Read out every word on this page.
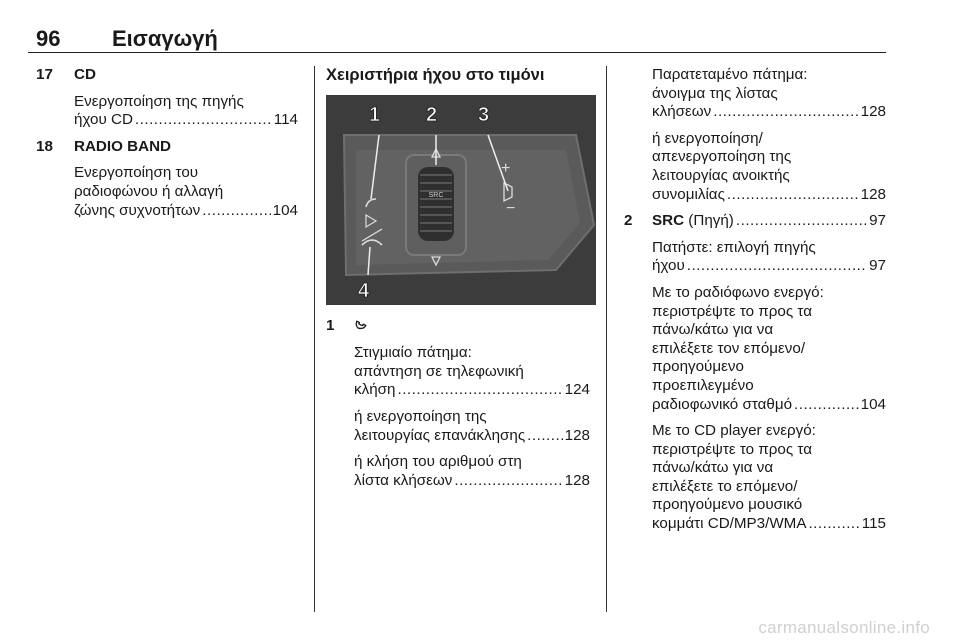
96 Εισαγωγή
17 CD
Ενεργοποίηση της πηγής
ήχου CD .....	114
18 RADIO BAND
Ενεργοποίηση του
ραδιοφώνου ή αλλαγή
ζώνης συχνοτήτων .....	104
Χειριστήρια ήχου στο τιμόνι
SRC
+
−
1 2 3
4
1
Στιγμιαίο πάτημα:
απάντηση σε τηλεφωνική
κλήση .....	124
ή ενεργοποίηση της
λειτουργίας επανάκλησης .....	128
ή κλήση του αριθμού στη
λίστα κλήσεων .....	128
Παρατεταμένο πάτημα:
άνοιγμα της λίστας
κλήσεων .....	128
ή ενεργοποίηση/
απενεργοποίηση της
λειτουργίας ανοικτής
συνομιλίας .....	128
2 SRC (Πηγή) .....	97
Πατήστε: επιλογή πηγής
ήχου .....	97
Με το ραδιόφωνο ενεργό:
περιστρέψτε το προς τα
πάνω/κάτω για να
επιλέξετε τον επόμενο/
προηγούμενο
προεπιλεγμένο
ραδιοφωνικό σταθμό .....	104
Με το CD player ενεργό:
περιστρέψτε το προς τα
πάνω/κάτω για να
επιλέξετε το επόμενο/
προηγούμενο μουσικό
κομμάτι CD/MP3/WMA .....	115
carmanualsonline.info
